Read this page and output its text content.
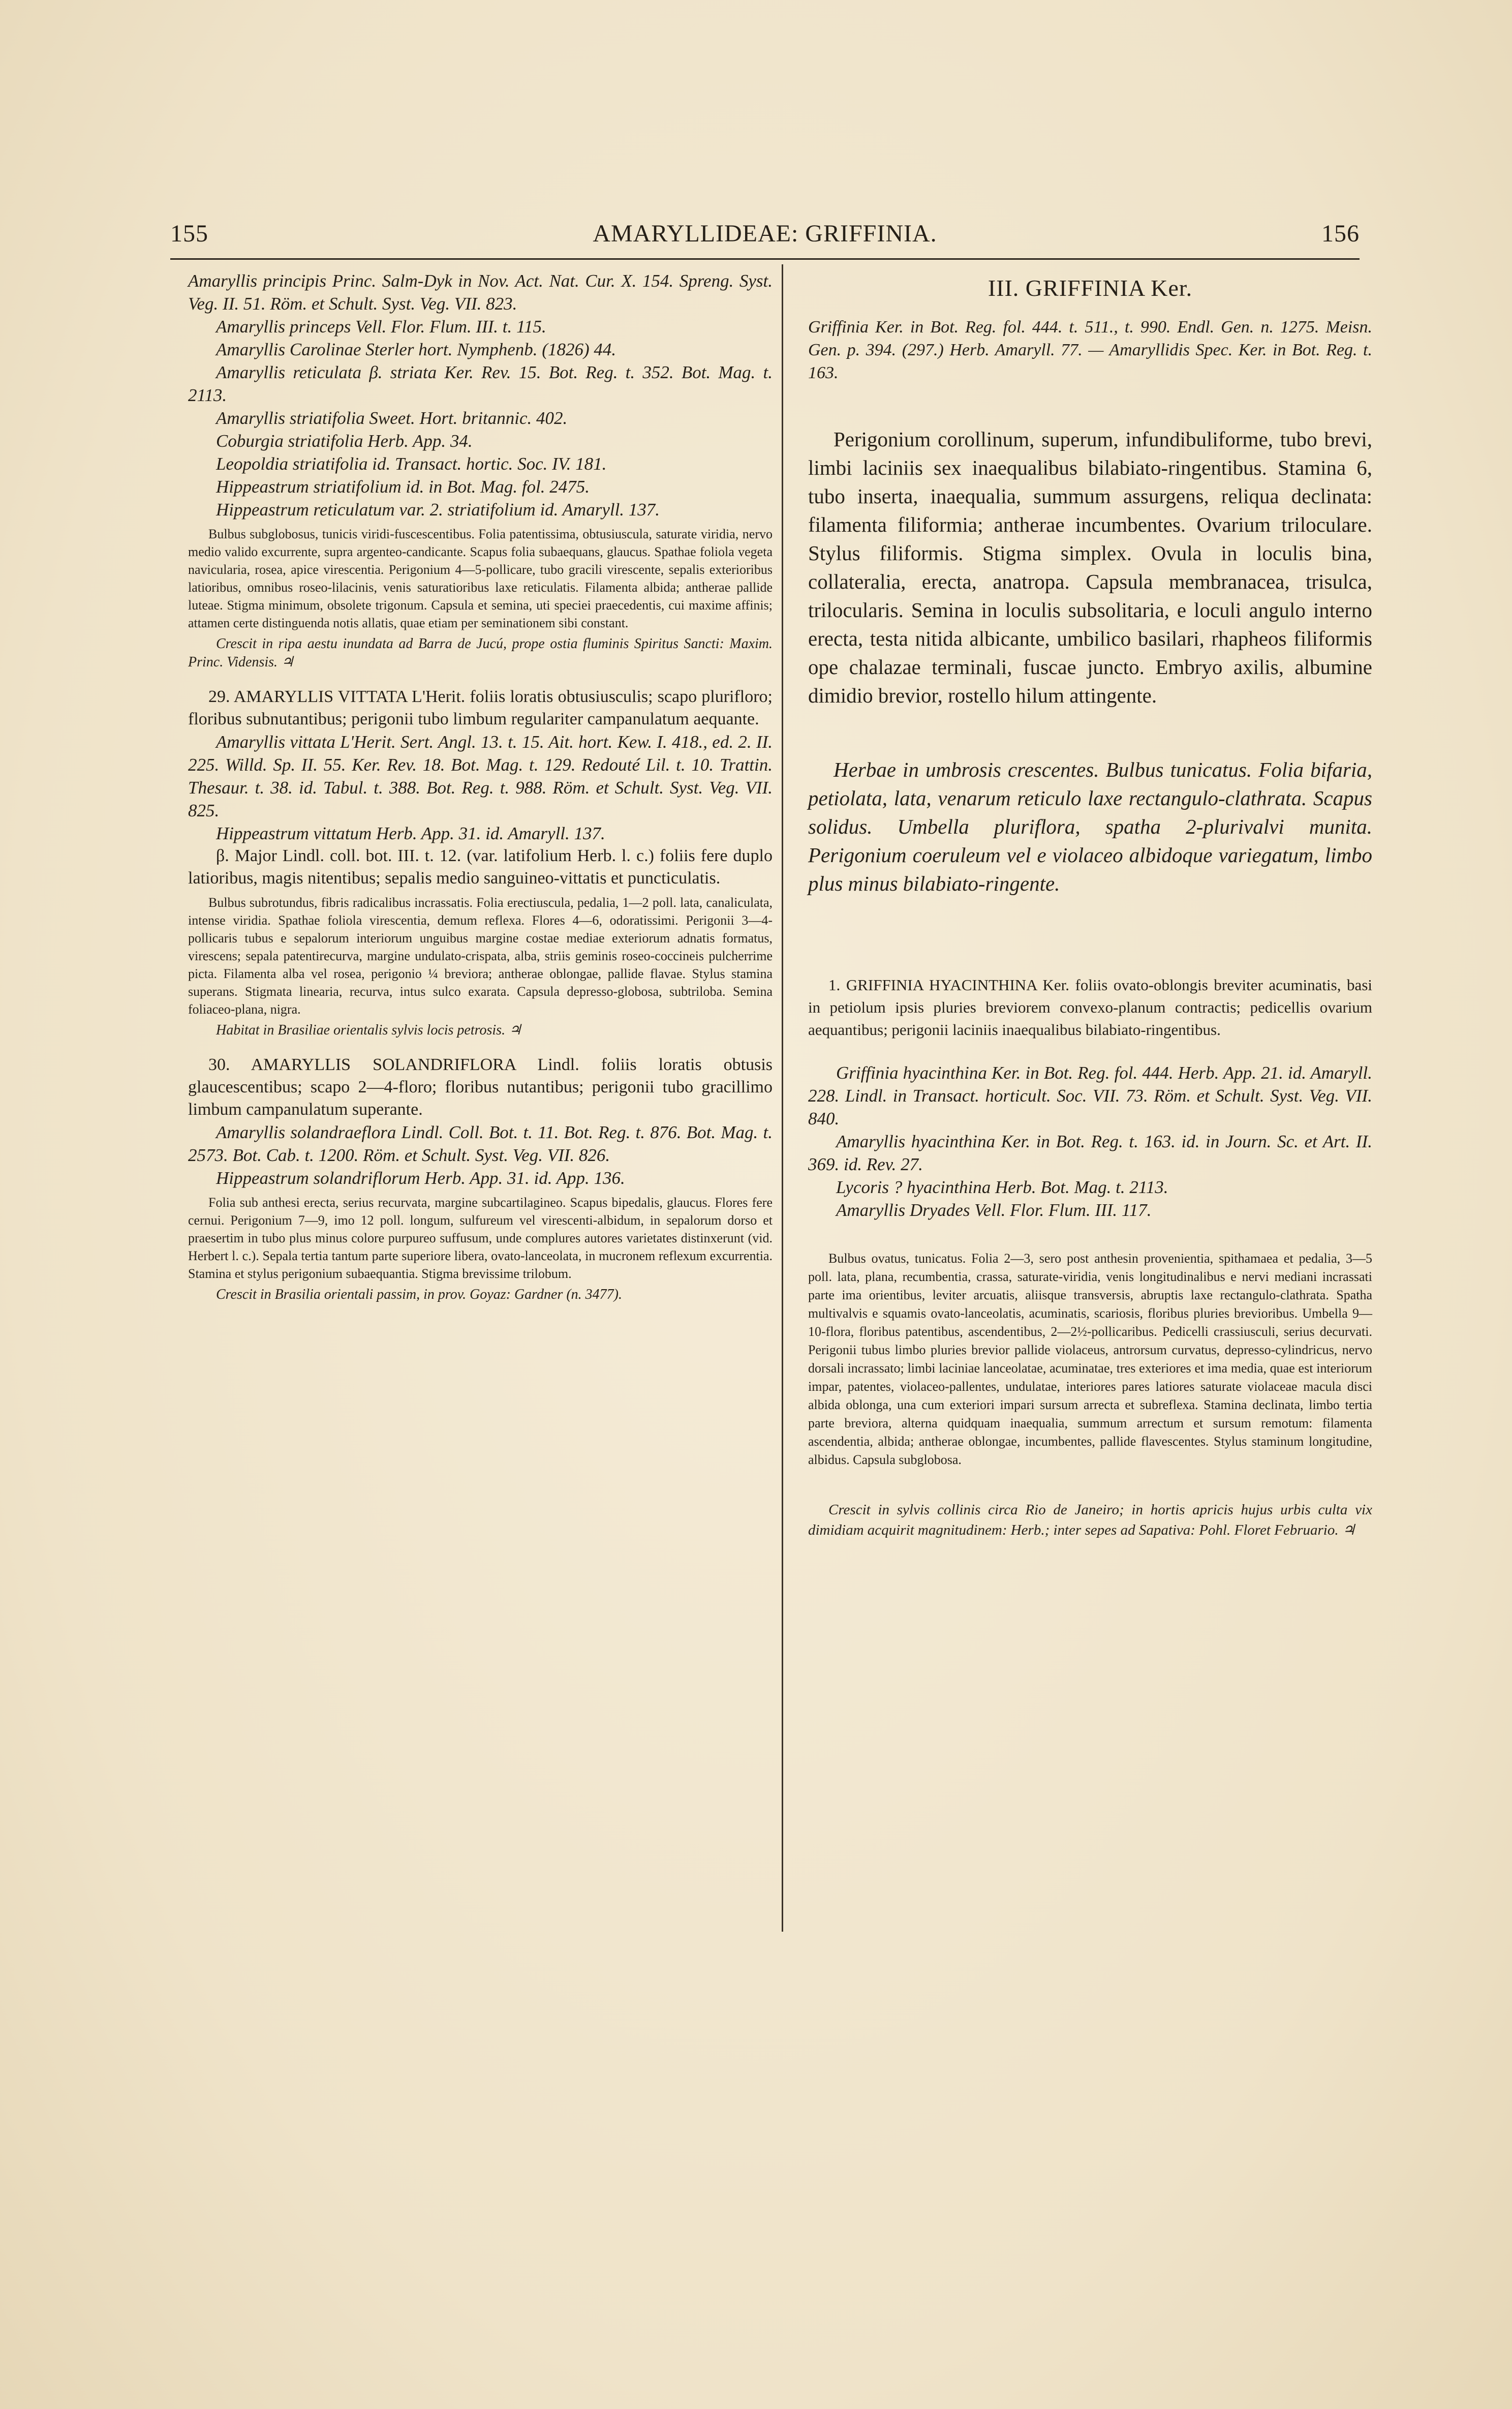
155	AMARYLLIDEAE: GRIFFINIA.	156

Amaryllis principis Princ. Salm-Dyk in Nov. Act. Nat. Cur. X. 154. Spreng. Syst. Veg. II. 51. Röm. et Schult. Syst. Veg. VII. 823.

Amaryllis princeps Vell. Flor. Flum. III. t. 115.

Amaryllis Carolinae Sterler hort. Nymphenb. (1826) 44.

Amaryllis reticulata β. striata Ker. Rev. 15. Bot. Reg. t. 352. Bot. Mag. t. 2113.

Amaryllis striatifolia Sweet. Hort. britannic. 402.

Coburgia striatifolia Herb. App. 34.

Leopoldia striatifolia id. Transact. hortic. Soc. IV. 181.

Hippeastrum striatifolium id. in Bot. Mag. fol. 2475.

Hippeastrum reticulatum var. 2. striatifolium id. Amaryll. 137.

Bulbus subglobosus, tunicis viridi-fuscescentibus. Folia patentissima, obtusiuscula, saturate viridia, nervo medio valido excurrente, supra argenteo-candicante. Scapus folia subaequans, glaucus. Spathae foliola vegeta navicularia, rosea, apice virescentia. Perigonium 4—5-pollicare, tubo gracili virescente, sepalis exterioribus latioribus, omnibus roseo-lilacinis, venis saturatioribus laxe reticulatis. Filamenta albida; antherae pallide luteae. Stigma minimum, obsolete trigonum. Capsula et semina, uti speciei praecedentis, cui maxime affinis; attamen certe distinguenda notis allatis, quae etiam per seminationem sibi constant.

Crescit in ripa aestu inundata ad Barra de Jucú, prope ostia fluminis Spiritus Sancti: Maxim. Princ. Vidensis. ♃

29. AMARYLLIS VITTATA L'Herit. foliis loratis obtusiusculis; scapo plurifloro; floribus subnutantibus; perigonii tubo limbum regulariter campanulatum aequante.

Amaryllis vittata L'Herit. Sert. Angl. 13. t. 15. Ait. hort. Kew. I. 418., ed. 2. II. 225. Willd. Sp. II. 55. Ker. Rev. 18. Bot. Mag. t. 129. Redouté Lil. t. 10. Trattin. Thesaur. t. 38. id. Tabul. t. 388. Bot. Reg. t. 988. Röm. et Schult. Syst. Veg. VII. 825.

Hippeastrum vittatum Herb. App. 31. id. Amaryll. 137.

β. Major Lindl. coll. bot. III. t. 12. (var. latifolium Herb. l. c.) foliis fere duplo latioribus, magis nitentibus; sepalis medio sanguineo-vittatis et puncticulatis.

Bulbus subrotundus, fibris radicalibus incrassatis. Folia erectiuscula, pedalia, 1—2 poll. lata, canaliculata, intense viridia. Spathae foliola virescentia, demum reflexa. Flores 4—6, odoratissimi. Perigonii 3—4-pollicaris tubus e sepalorum interiorum unguibus margine costae mediae exteriorum adnatis formatus, virescens; sepala patentirecurva, margine undulato-crispata, alba, striis geminis roseo-coccineis pulcherrime picta. Filamenta alba vel rosea, perigonio ¼ breviora; antherae oblongae, pallide flavae. Stylus stamina superans. Stigmata linearia, recurva, intus sulco exarata. Capsula depresso-globosa, subtriloba. Semina foliaceo-plana, nigra.

Habitat in Brasiliae orientalis sylvis locis petrosis. ♃

30. AMARYLLIS SOLANDRIFLORA Lindl. foliis loratis obtusis glaucescentibus; scapo 2—4-floro; floribus nutantibus; perigonii tubo gracillimo limbum campanulatum superante.

Amaryllis solandraeflora Lindl. Coll. Bot. t. 11. Bot. Reg. t. 876. Bot. Mag. t. 2573. Bot. Cab. t. 1200. Röm. et Schult. Syst. Veg. VII. 826.

Hippeastrum solandriflorum Herb. App. 31. id. App. 136.

Folia sub anthesi erecta, serius recurvata, margine subcartilagineo. Scapus bipedalis, glaucus. Flores fere cernui. Perigonium 7—9, imo 12 poll. longum, sulfureum vel virescenti-albidum, in sepalorum dorso et praesertim in tubo plus minus colore purpureo suffusum, unde complures autores varietates distinxerunt (vid. Herbert l. c.). Sepala tertia tantum parte superiore libera, ovato-lanceolata, in mucronem reflexum excurrentia. Stamina et stylus perigonium subaequantia. Stigma brevissime trilobum.

Crescit in Brasilia orientali passim, in prov. Goyaz: Gardner (n. 3477).

III. GRIFFINIA Ker.

Griffinia Ker. in Bot. Reg. fol. 444. t. 511., t. 990. Endl. Gen. n. 1275. Meisn. Gen. p. 394. (297.) Herb. Amaryll. 77. — Amaryllidis Spec. Ker. in Bot. Reg. t. 163.

Perigonium corollinum, superum, infundibuliforme, tubo brevi, limbi laciniis sex inaequalibus bilabiato-ringentibus. Stamina 6, tubo inserta, inaequalia, summum assurgens, reliqua declinata: filamenta filiformia; antherae incumbentes. Ovarium triloculare. Stylus filiformis. Stigma simplex. Ovula in loculis bina, collateralia, erecta, anatropa. Capsula membranacea, trisulca, trilocularis. Semina in loculis subsolitaria, e loculi angulo interno erecta, testa nitida albicante, umbilico basilari, rhapheos filiformis ope chalazae terminali, fuscae juncto. Embryo axilis, albumine dimidio brevior, rostello hilum attingente.

Herbae in umbrosis crescentes. Bulbus tunicatus. Folia bifaria, petiolata, lata, venarum reticulo laxe rectangulo-clathrata. Scapus solidus. Umbella pluriflora, spatha 2-plurivalvi munita. Perigonium coeruleum vel e violaceo albidoque variegatum, limbo plus minus bilabiato-ringente.

1. GRIFFINIA HYACINTHINA Ker. foliis ovato-oblongis breviter acuminatis, basi in petiolum ipsis pluries breviorem convexo-planum contractis; pedicellis ovarium aequantibus; perigonii laciniis inaequalibus bilabiato-ringentibus.

Griffinia hyacinthina Ker. in Bot. Reg. fol. 444. Herb. App. 21. id. Amaryll. 228. Lindl. in Transact. horticult. Soc. VII. 73. Röm. et Schult. Syst. Veg. VII. 840.

Amaryllis hyacinthina Ker. in Bot. Reg. t. 163. id. in Journ. Sc. et Art. II. 369. id. Rev. 27.

Lycoris ? hyacinthina Herb. Bot. Mag. t. 2113.

Amaryllis Dryades Vell. Flor. Flum. III. 117.

Bulbus ovatus, tunicatus. Folia 2—3, sero post anthesin provenientia, spithamaea et pedalia, 3—5 poll. lata, plana, recumbentia, crassa, saturate-viridia, venis longitudinalibus e nervi mediani incrassati parte ima orientibus, leviter arcuatis, aliisque transversis, abruptis laxe rectangulo-clathrata. Spatha multivalvis e squamis ovato-lanceolatis, acuminatis, scariosis, floribus pluries brevioribus. Umbella 9—10-flora, floribus patentibus, ascendentibus, 2—2½-pollicaribus. Pedicelli crassiusculi, serius decurvati. Perigonii tubus limbo pluries brevior pallide violaceus, antrorsum curvatus, depresso-cylindricus, nervo dorsali incrassato; limbi laciniae lanceolatae, acuminatae, tres exteriores et ima media, quae est interiorum impar, patentes, violaceo-pallentes, undulatae, interiores pares latiores saturate violaceae macula disci albida oblonga, una cum exteriori impari sursum arrecta et subreflexa. Stamina declinata, limbo tertia parte breviora, alterna quidquam inaequalia, summum arrectum et sursum remotum: filamenta ascendentia, albida; antherae oblongae, incumbentes, pallide flavescentes. Stylus staminum longitudine, albidus. Capsula subglobosa.

Crescit in sylvis collinis circa Rio de Janeiro; in hortis apricis hujus urbis culta vix dimidiam acquirit magnitudinem: Herb.; inter sepes ad Sapativa: Pohl. Floret Februario. ♃
